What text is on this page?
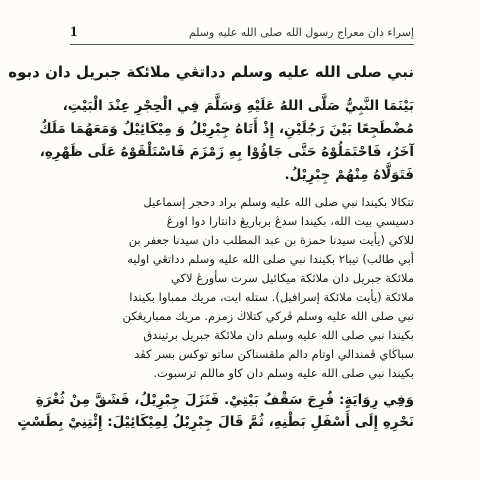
1	إسراء دان معراج رسول الله صلى الله عليه وسلم
نبي صلى الله عليه وسلم دداتڠي ملائكة جبريل دان دبوه
بَيْنَمَا النَّبِيُّ صَلَّى اللهُ عَلَيْهِ وَسَلَّمَ فِي الْحِجْرِ عِنْدَ الْبَيْتِ،
مُضْطَجِعًا بَيْنَ رَجُلَيْنِ، إِذْ أَتَاهُ جِبْرِيْلُ وَ مِيْكَائِيْلُ وَمَعَهُمَا مَلَكٌ
آخَرُ، فَاحْتَمَلُوْهُ حَتَّى جَاؤُوْا بِهِ زَمْزَمَ فَاسْتَلْقَوْهُ عَلَى ظَهْرِهِ،
فَتَوَلَّاهُ مِنْهُمْ جِبْرِيْلُ.
تتكالا بكيندا نبي صلى الله عليه وسلم براد دحجر إسماعيل
دسيسي بيت الله، بكيندا سدڠ برباريڠ دانتارا دوا اورڠ
للاكي (يأيت سيدنا حمزة بن عبد المطلب دان سيدنا جعفر بن
أبي طالب) تيبا٢ بكيندا نبي صلى الله عليه وسلم دداتڠي اوليه
ملائكة جبريل دان ملائكة ميكائيل سرت سأورڠ لاكي
ملائكة (يأيت ملائكة إسرافيل). ستله ايت، مريك ممباوا بكيندا
نبي صلى الله عليه وسلم ڤركي كتلاڬ زمزم. مريك ممباريڠكن
بكيندا نبي صلى الله عليه وسلم دان ملائكة جبريل برتيندق
سباڬاي ڤمندالي اوتام دالم ملقسناكن ساتو توكس بسر كڤد
بكيندا نبي صلى الله عليه وسلم دان كاو ماللم ترسبوت.
وَفِي رِوَايَةٍ: فُرِجَ سَقْفُ بَيْتِيْ. فَنَزَلَ جِبْرِيْلُ، فَشَقَّ مِنْ ثُغْرَةِ
نَحْرِهِ إِلَى أَسْفَلِ بَطْنِهِ، ثُمَّ قَالَ جِبْرِيْلُ لِمِيْكَائِيْلَ: إِئْتِنِيْ بِطَسْتٍ
